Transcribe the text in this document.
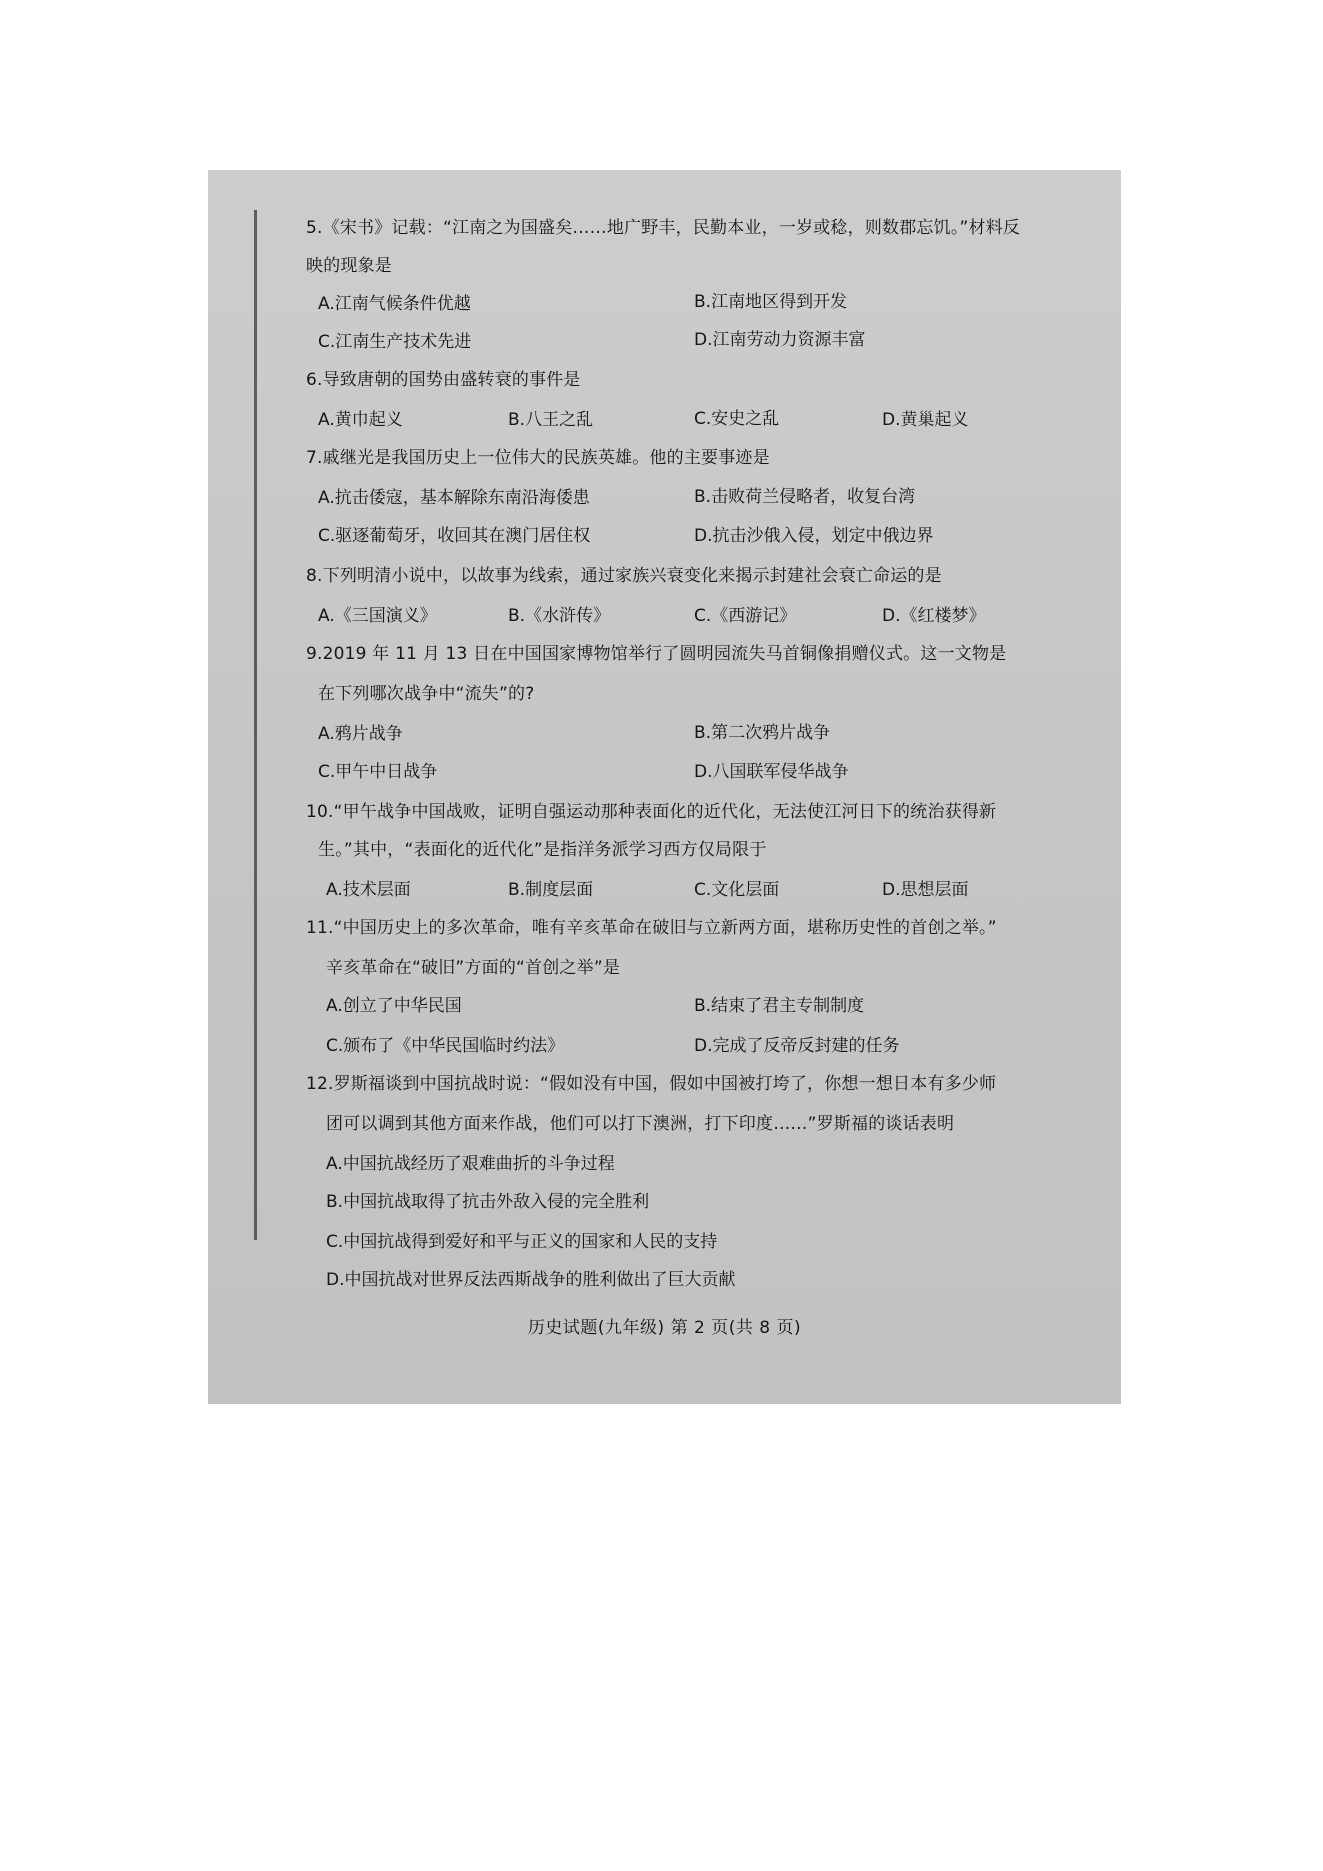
5.《宋书》记载：“江南之为国盛矣……地广野丰，民勤本业，一岁或稔，则数郡忘饥。”材料反
映的现象是
A.江南气候条件优越	B.江南地区得到开发
C.江南生产技术先进	D.江南劳动力资源丰富
6.导致唐朝的国势由盛转衰的事件是
A.黄巾起义	B.八王之乱	C.安史之乱	D.黄巢起义
7.戚继光是我国历史上一位伟大的民族英雄。他的主要事迹是
A.抗击倭寇，基本解除东南沿海倭患	B.击败荷兰侵略者，收复台湾
C.驱逐葡萄牙，收回其在澳门居住权	D.抗击沙俄入侵，划定中俄边界
8.下列明清小说中，以故事为线索，通过家族兴衰变化来揭示封建社会衰亡命运的是
A.《三国演义》	B.《水浒传》	C.《西游记》	D.《红楼梦》
9.2019 年 11 月 13 日在中国国家博物馆举行了圆明园流失马首铜像捐赠仪式。这一文物是
在下列哪次战争中“流失”的?
A.鸦片战争	B.第二次鸦片战争
C.甲午中日战争	D.八国联军侵华战争
10.“甲午战争中国战败，证明自强运动那种表面化的近代化，无法使江河日下的统治获得新
生。”其中，“表面化的近代化”是指洋务派学习西方仅局限于
A.技术层面	B.制度层面	C.文化层面	D.思想层面
11.“中国历史上的多次革命，唯有辛亥革命在破旧与立新两方面，堪称历史性的首创之举。”
辛亥革命在“破旧”方面的“首创之举”是
A.创立了中华民国	B.结束了君主专制制度
C.颁布了《中华民国临时约法》	D.完成了反帝反封建的任务
12.罗斯福谈到中国抗战时说：“假如没有中国，假如中国被打垮了，你想一想日本有多少师
团可以调到其他方面来作战，他们可以打下澳洲，打下印度……”罗斯福的谈话表明
A.中国抗战经历了艰难曲折的斗争过程
B.中国抗战取得了抗击外敌入侵的完全胜利
C.中国抗战得到爱好和平与正义的国家和人民的支持
D.中国抗战对世界反法西斯战争的胜利做出了巨大贡献
历史试题(九年级) 第 2 页(共 8 页)
